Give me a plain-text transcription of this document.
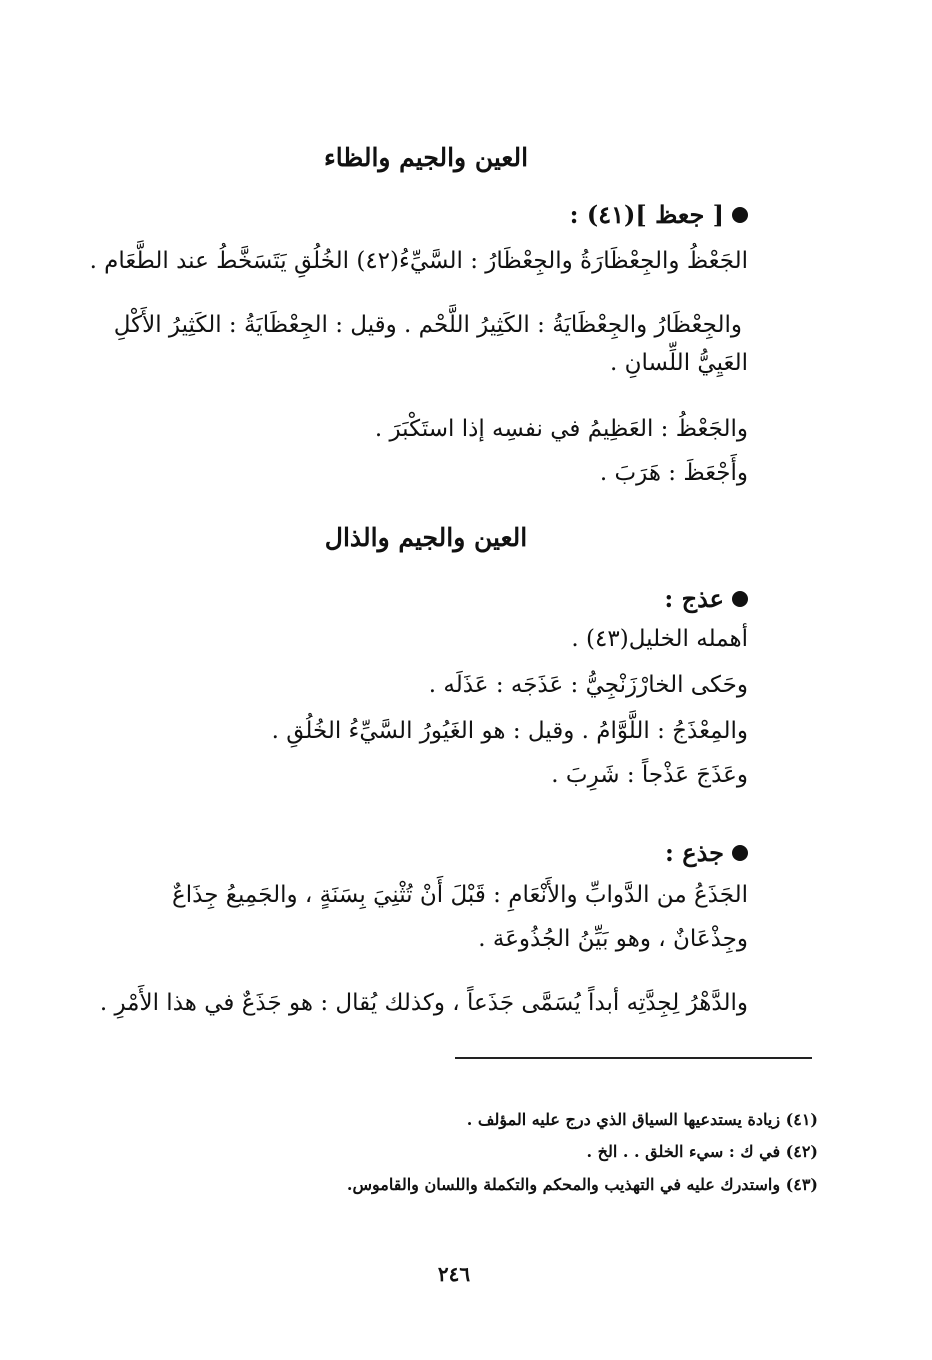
العين والجيم والظاء
[ جعظ ](٤١) :
الجَعْظُ والجِعْظَارَةُ والجِعْظَارُ : السَّيِّءُ(٤٢) الخُلُقِ يَتَسَخَّطُ عند الطَّعَام .
والجِعْظَارُ والجِعْظَايَةُ : الكَثِيرُ اللَّحْم . وقيل : الجِعْظَايَةُ : الكَثِيرُ الأَكْلِ
العَيِيُّ اللِّسانِ .
والجَعْظُ : العَظِيمُ في نفسِه إذا استَكْبَرَ .
وأَجْعَظَ : هَرَبَ .
العين والجيم والذال
عذج :
أهمله الخليل(٤٣) .
وحَكى الخارْزَنْجِيُّ : عَذَجَه : عَذَلَه .
والمِعْذَجُ : اللَّوَّامُ . وقيل : هو الغَيُورُ السَّيِّءُ الخُلُقِ .
وعَذَجَ عَذْجاً : شَرِبَ .
جذع :
الجَذَعُ من الدَّوابِّ والأَنْعَامِ : قَبْلَ أَنْ تُثْنِيَ بِسَنَةٍ ، والجَمِيعُ جِذَاعٌ
وجِذْعَانٌ ، وهو بَيِّنُ الجُذُوعَة .
والدَّهْرُ لِجِدَّتِه أبداً يُسَمَّى جَذَعاً ، وكذلك يُقال : هو جَذَعٌ في هذا الأَمْرِ .
(٤١) زيادة يستدعيها السياق الذي درج عليه المؤلف .
(٤٢) في ك : سيء الخلق . . الخ .
(٤٣) واستدرك عليه في التهذيب والمحكم والتكملة واللسان والقاموس.
٢٤٦
